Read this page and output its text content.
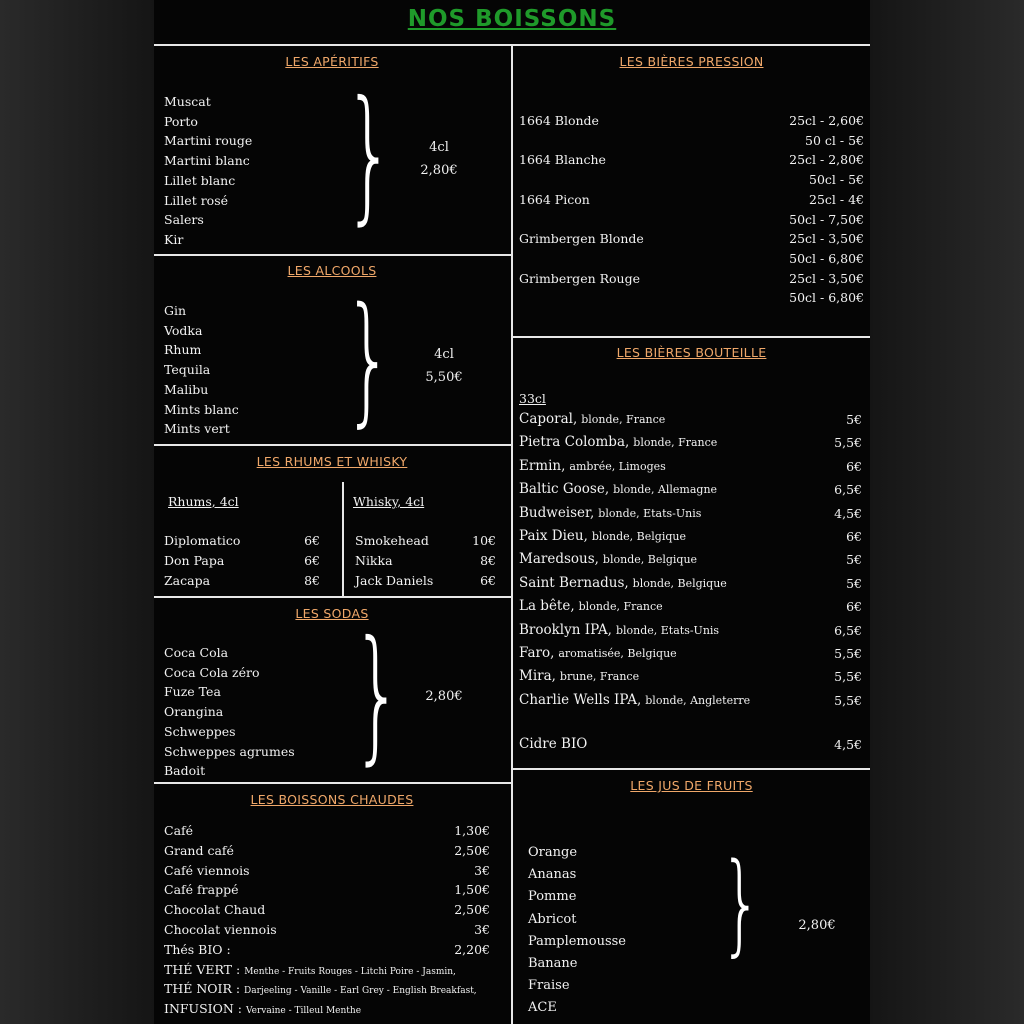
NOS BOISSONS
LES APÉRITIFS
Muscat
Porto
Martini rouge
Martini blanc
Lillet blanc
Lillet rosé
Salers
Kir
}	4cl
2,80€
LES ALCOOLS
Gin
Vodka
Rhum
Tequila
Malibu
Mints blanc
Mints vert }	4cl
5,50€
LES RHUMS ET WHISKY
Rhums, 4cl	Whisky, 4cl
Diplomatico	6€
Don Papa	6€
Zacapa	8€
Smokehead	10€
Nikka	8€
Jack Daniels	6€
LES SODAS
Coca Cola
Coca Cola zéro
Fuze Tea
Orangina
Schweppes
Schweppes agrumes
Badoit	}	2,80€
LES BOISSONS CHAUDES
Café	1,30€
Grand café	2,50€
Café viennois	3€
Café frappé	1,50€
Chocolat Chaud	2,50€
Chocolat viennois	3€
Thés BIO :	2,20€
THÉ VERT : Menthe - Fruits Rouges - Litchi Poire - Jasmin,
THÉ NOIR : Darjeeling - Vanille - Earl Grey - English Breakfast,
INFUSION : Vervaine - Tilleul Menthe
LES BIÈRES PRESSION
1664 Blonde	25cl - 2,60€
50 cl - 5€
1664 Blanche	25cl - 2,80€
50cl - 5€
1664 Picon	25cl - 4€
50cl - 7,50€
Grimbergen Blonde	25cl - 3,50€
50cl - 6,80€
Grimbergen Rouge	25cl - 3,50€
50cl - 6,80€
LES BIÈRES BOUTEILLE
33cl
Caporal, blonde, France	5€
Pietra Colomba, blonde, France	5,5€
Ermin, ambrée, Limoges	6€
Baltic Goose, blonde, Allemagne	6,5€
Budweiser, blonde, Etats-Unis	4,5€
Paix Dieu, blonde, Belgique	6€
Maredsous, blonde, Belgique	5€
Saint Bernadus, blonde, Belgique	5€
La bête, blonde, France	6€
Brooklyn IPA, blonde, Etats-Unis	6,5€
Faro, aromatisée, Belgique	5,5€
Mira, brune, France	5,5€
Charlie Wells IPA, blonde, Angleterre	5,5€
Cidre BIO	4,5€
LES JUS DE FRUITS
Orange
Ananas
Pomme
Abricot
Pamplemousse
Banane
Fraise
ACE
}	2,80€
